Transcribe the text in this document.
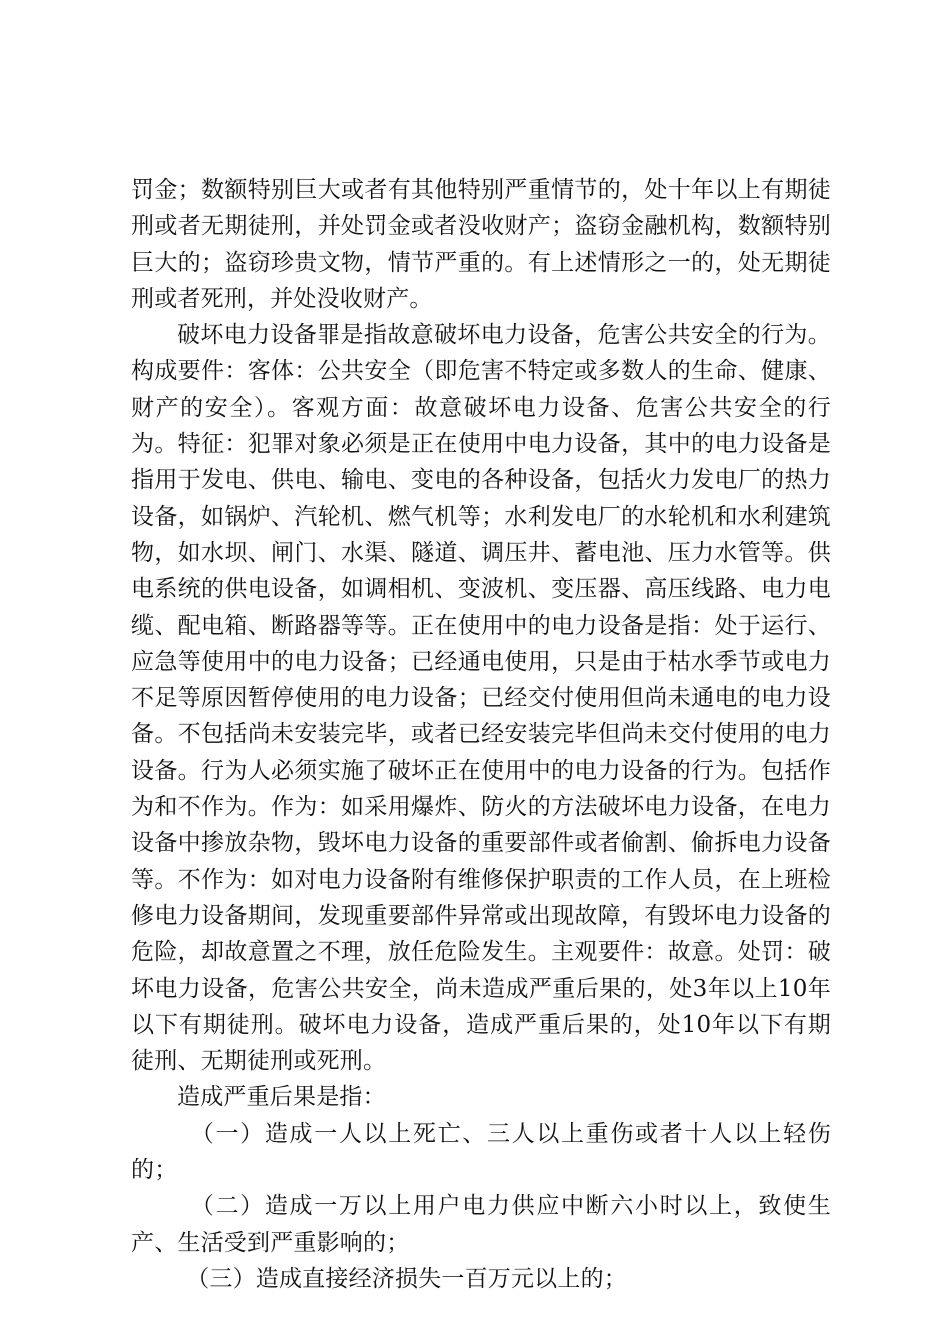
罚金；数额特别巨大或者有其他特别严重情节的，处十年以上有期徒刑或者无期徒刑，并处罚金或者没收财产；盗窃金融机构，数额特别巨大的；盗窃珍贵文物，情节严重的。有上述情形之一的，处无期徒刑或者死刑，并处没收财产。

破坏电力设备罪是指故意破坏电力设备，危害公共安全的行为。构成要件：客体：公共安全（即危害不特定或多数人的生命、健康、财产的安全）。客观方面：故意破坏电力设备、危害公共安全的行为。特征：犯罪对象必须是正在使用中电力设备，其中的电力设备是指用于发电、供电、输电、变电的各种设备，包括火力发电厂的热力设备，如锅炉、汽轮机、燃气机等；水利发电厂的水轮机和水利建筑物，如水坝、闸门、水渠、隧道、调压井、蓄电池、压力水管等。供电系统的供电设备，如调相机、变波机、变压器、高压线路、电力电缆、配电箱、断路器等等。正在使用中的电力设备是指：处于运行、应急等使用中的电力设备；已经通电使用，只是由于枯水季节或电力不足等原因暂停使用的电力设备；已经交付使用但尚未通电的电力设备。不包括尚未安装完毕，或者已经安装完毕但尚未交付使用的电力设备。行为人必须实施了破坏正在使用中的电力设备的行为。包括作为和不作为。作为：如采用爆炸、防火的方法破坏电力设备，在电力设备中掺放杂物，毁坏电力设备的重要部件或者偷割、偷拆电力设备等。不作为：如对电力设备附有维修保护职责的工作人员，在上班检修电力设备期间，发现重要部件异常或出现故障，有毁坏电力设备的危险，却故意置之不理，放任危险发生。主观要件：故意。处罚：破坏电力设备，危害公共安全，尚未造成严重后果的，处3年以上10年以下有期徒刑。破坏电力设备，造成严重后果的，处10年以下有期徒刑、无期徒刑或死刑。

造成严重后果是指：

（一）造成一人以上死亡、三人以上重伤或者十人以上轻伤的；

（二）造成一万以上用户电力供应中断六小时以上，致使生产、生活受到严重影响的；

（三）造成直接经济损失一百万元以上的；
